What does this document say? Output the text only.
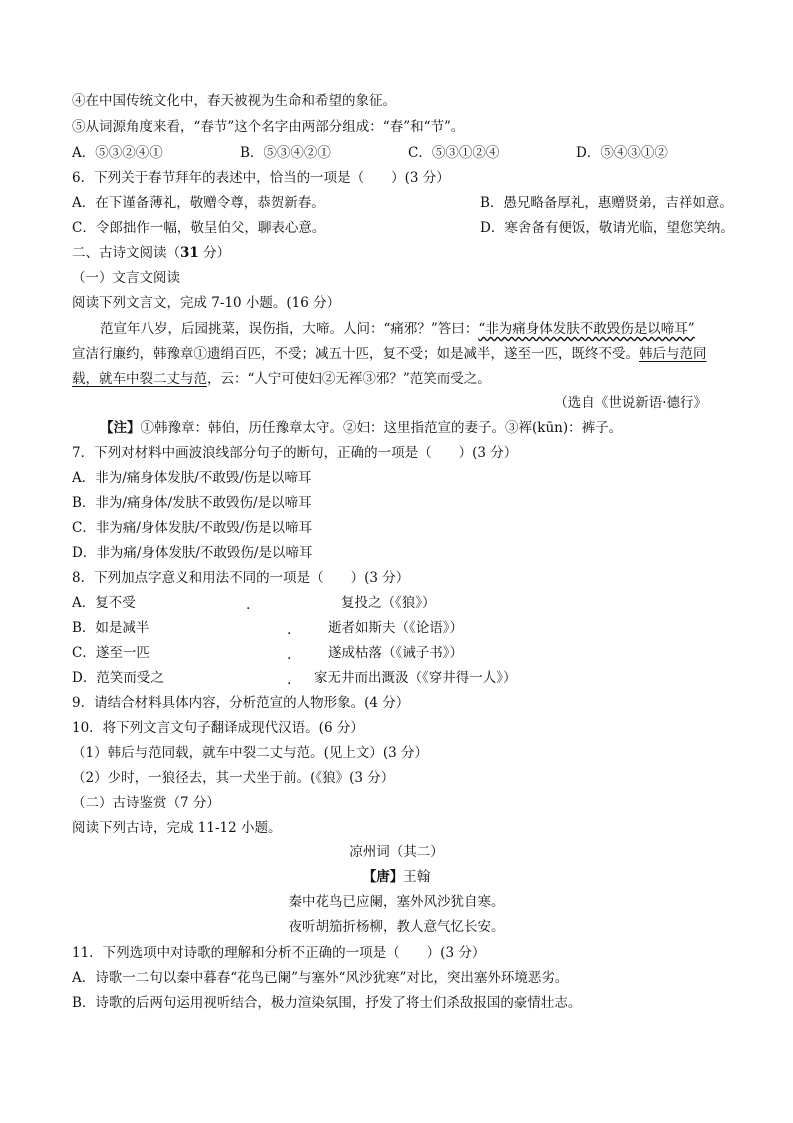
④在中国传统文化中，春天被视为生命和希望的象征。
⑤从词源角度来看，“春节”这个名字由两部分组成：“春”和“节”。
A．⑤③②④①	B．⑤③④②①	C．⑤③①②④	D．⑤④③①②
6．下列关于春节拜年的表述中，恰当的一项是（　　）(3 分）
A．在下谨备薄礼，敬赠令尊，恭贺新春。	B．愚兄略备厚礼，惠赠贤弟，吉祥如意。
C．令郎拙作一幅，敬呈伯父，聊表心意。	D．寒舍备有便饭，敬请光临，望您笑纳。
二、古诗文阅读（31 分）
（一）文言文阅读
阅读下列文言文，完成 7-10 小题。(16 分）
范宣年八岁，后园挑菜，误伤指，大啼。人问：“痛邪？”答曰：“非为痛身体发肤不敢毁伤是以啼耳”
宣洁行廉约，韩豫章①遗绢百匹，不受；减五十匹，复不受；如是减半，遂至一匹，既终不受。韩后与范同
载，就车中裂二丈与范，云：“人宁可使妇②无裈③邪？”范笑而受之。
（选自《世说新语·德行》
【注】①韩豫章：韩伯，历任豫章太守。②妇：这里指范宣的妻子。③裈(kūn)：裤子。
7．下列对材料中画波浪线部分句子的断句，正确的一项是（　　）(3 分）
A．非为/痛身体发肤/不敢毁/伤是以啼耳
B．非为/痛身体/发肤不敢毁伤/是以啼耳
C．非为痛/身体发肤/不敢毁/伤是以啼耳
D．非为痛/身体发肤/不敢毁伤/是以啼耳
8．下列加点字意义和用法不同的一项是（　　）(3 分）
A．复不受	.	复投之（《狼》）
B．如是减半	.	逝者如斯夫（《论语》）
C．遂至一匹	.	遂成枯落（《诫子书》）
D．范笑而受之	. 家无井而出溉汲（《穿井得一人》）
9．请结合材料具体内容，分析范宣的人物形象。(4 分）
10．将下列文言文句子翻译成现代汉语。(6 分）
（1）韩后与范同载，就车中裂二丈与范。(见上文）(3 分）
（2）少时，一狼径去，其一犬坐于前。(《狼》(3 分）
（二）古诗鉴赏（7 分）
阅读下列古诗，完成 11-12 小题。
凉州词（其二）
【唐】王翰
秦中花鸟已应阑，塞外风沙犹自寒。
夜听胡笳折杨柳，教人意气忆长安。
11．下列选项中对诗歌的理解和分析不正确的一项是（　　）(3 分）
A．诗歌一二句以秦中暮春“花鸟已阑”与塞外“风沙犹寒”对比，突出塞外环境恶劣。
B．诗歌的后两句运用视听结合，极力渲染氛围，抒发了将士们杀敌报国的豪情壮志。
